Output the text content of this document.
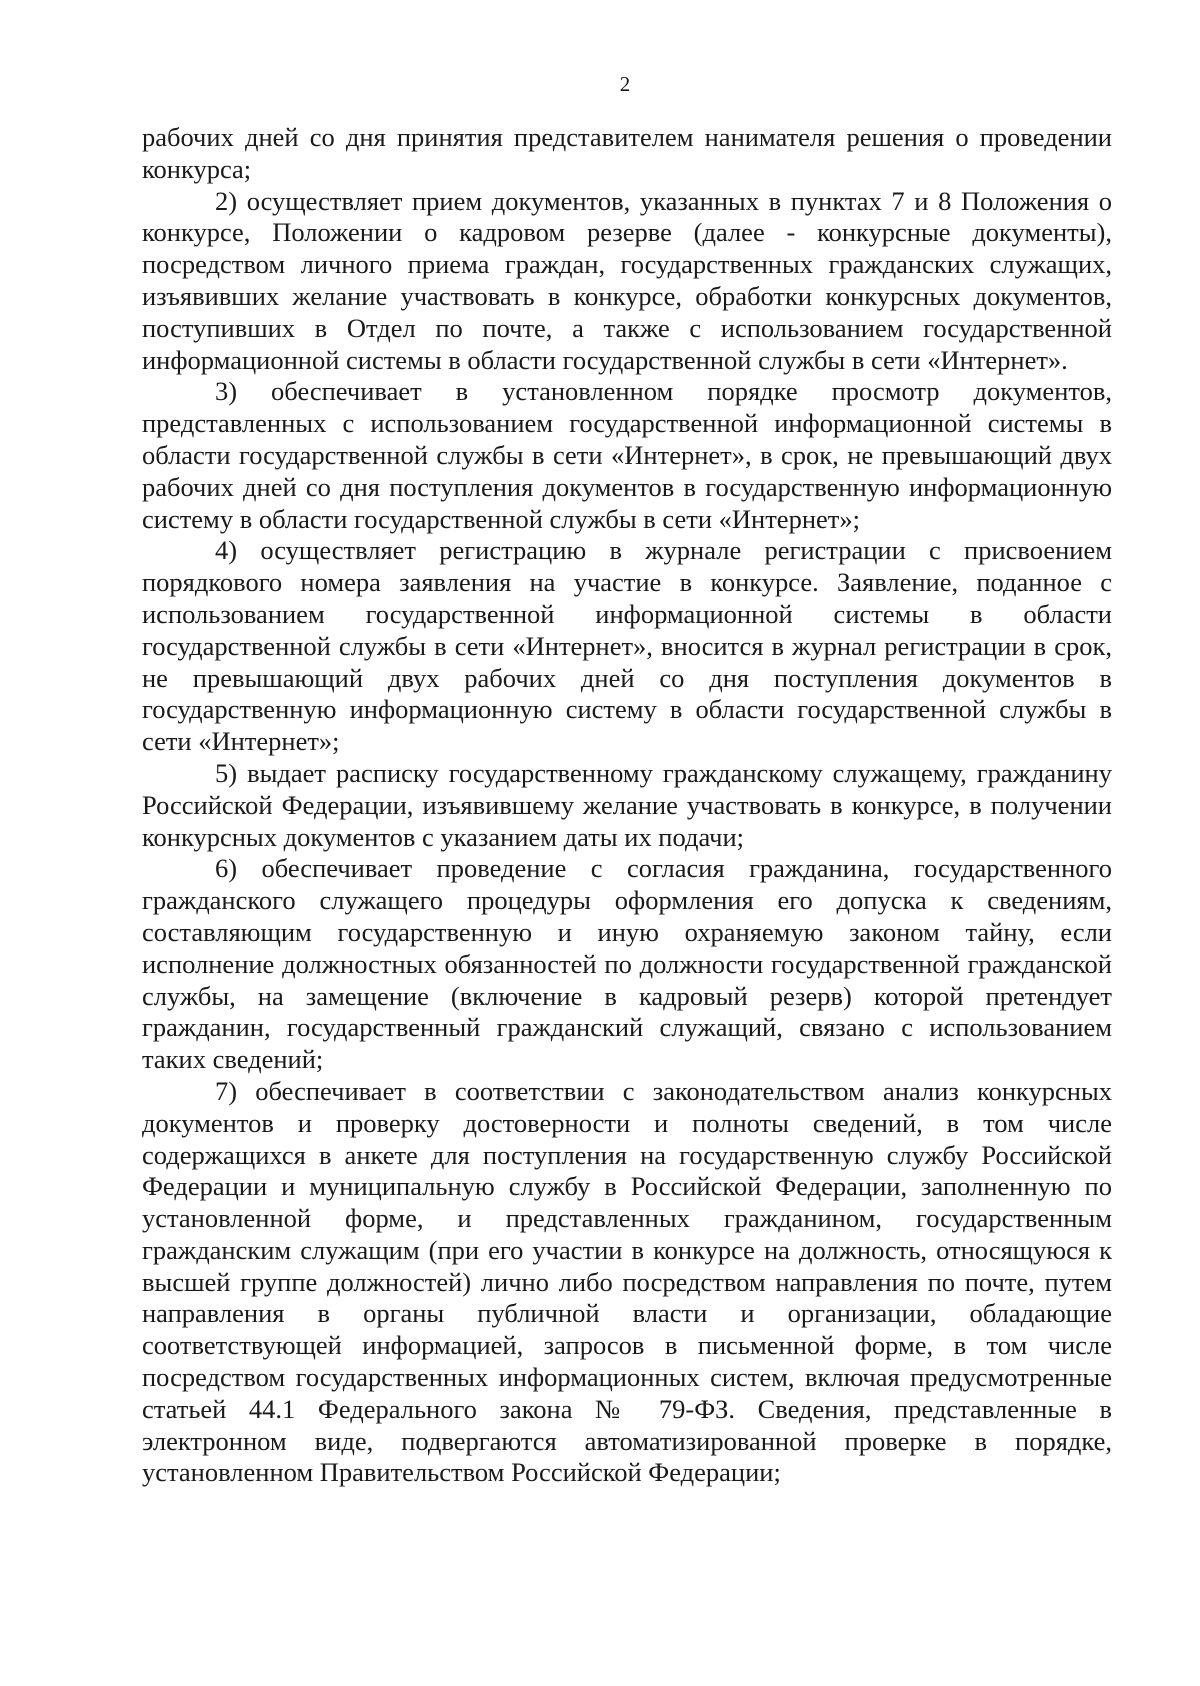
2

рабочих дней со дня принятия представителем нанимателя решения о проведении конкурса;

2) осуществляет прием документов, указанных в пунктах 7 и 8 Положения о конкурсе, Положении о кадровом резерве (далее - конкурсные документы), посредством личного приема граждан, государственных гражданских служащих, изъявивших желание участвовать в конкурсе, обработки конкурсных документов, поступивших в Отдел по почте, а также с использованием государственной информационной системы в области государственной службы в сети «Интернет».

3) обеспечивает в установленном порядке просмотр документов, представленных с использованием государственной информационной системы в области государственной службы в сети «Интернет», в срок, не превышающий двух рабочих дней со дня поступления документов в государственную информационную систему в области государственной службы в сети «Интернет»;

4) осуществляет регистрацию в журнале регистрации с присвоением порядкового номера заявления на участие в конкурсе. Заявление, поданное с использованием государственной информационной системы в области государственной службы в сети «Интернет», вносится в журнал регистрации в срок, не превышающий двух рабочих дней со дня поступления документов в государственную информационную систему в области государственной службы в сети «Интернет»;

5) выдает расписку государственному гражданскому служащему, гражданину Российской Федерации, изъявившему желание участвовать в конкурсе, в получении конкурсных документов с указанием даты их подачи;

6) обеспечивает проведение с согласия гражданина, государственного гражданского служащего процедуры оформления его допуска к сведениям, составляющим государственную и иную охраняемую законом тайну, если исполнение должностных обязанностей по должности государственной гражданской службы, на замещение (включение в кадровый резерв) которой претендует гражданин, государственный гражданский служащий, связано с использованием таких сведений;

7) обеспечивает в соответствии с законодательством анализ конкурсных документов и проверку достоверности и полноты сведений, в том числе содержащихся в анкете для поступления на государственную службу Российской Федерации и муниципальную службу в Российской Федерации, заполненную по установленной форме, и представленных гражданином, государственным гражданским служащим (при его участии в конкурсе на должность, относящуюся к высшей группе должностей) лично либо посредством направления по почте, путем направления в органы публичной власти и организации, обладающие соответствующей информацией, запросов в письменной форме, в том числе посредством государственных информационных систем, включая предусмотренные статьей 44.1 Федерального закона № 79-ФЗ. Сведения, представленные в электронном виде, подвергаются автоматизированной проверке в порядке, установленном Правительством Российской Федерации;
